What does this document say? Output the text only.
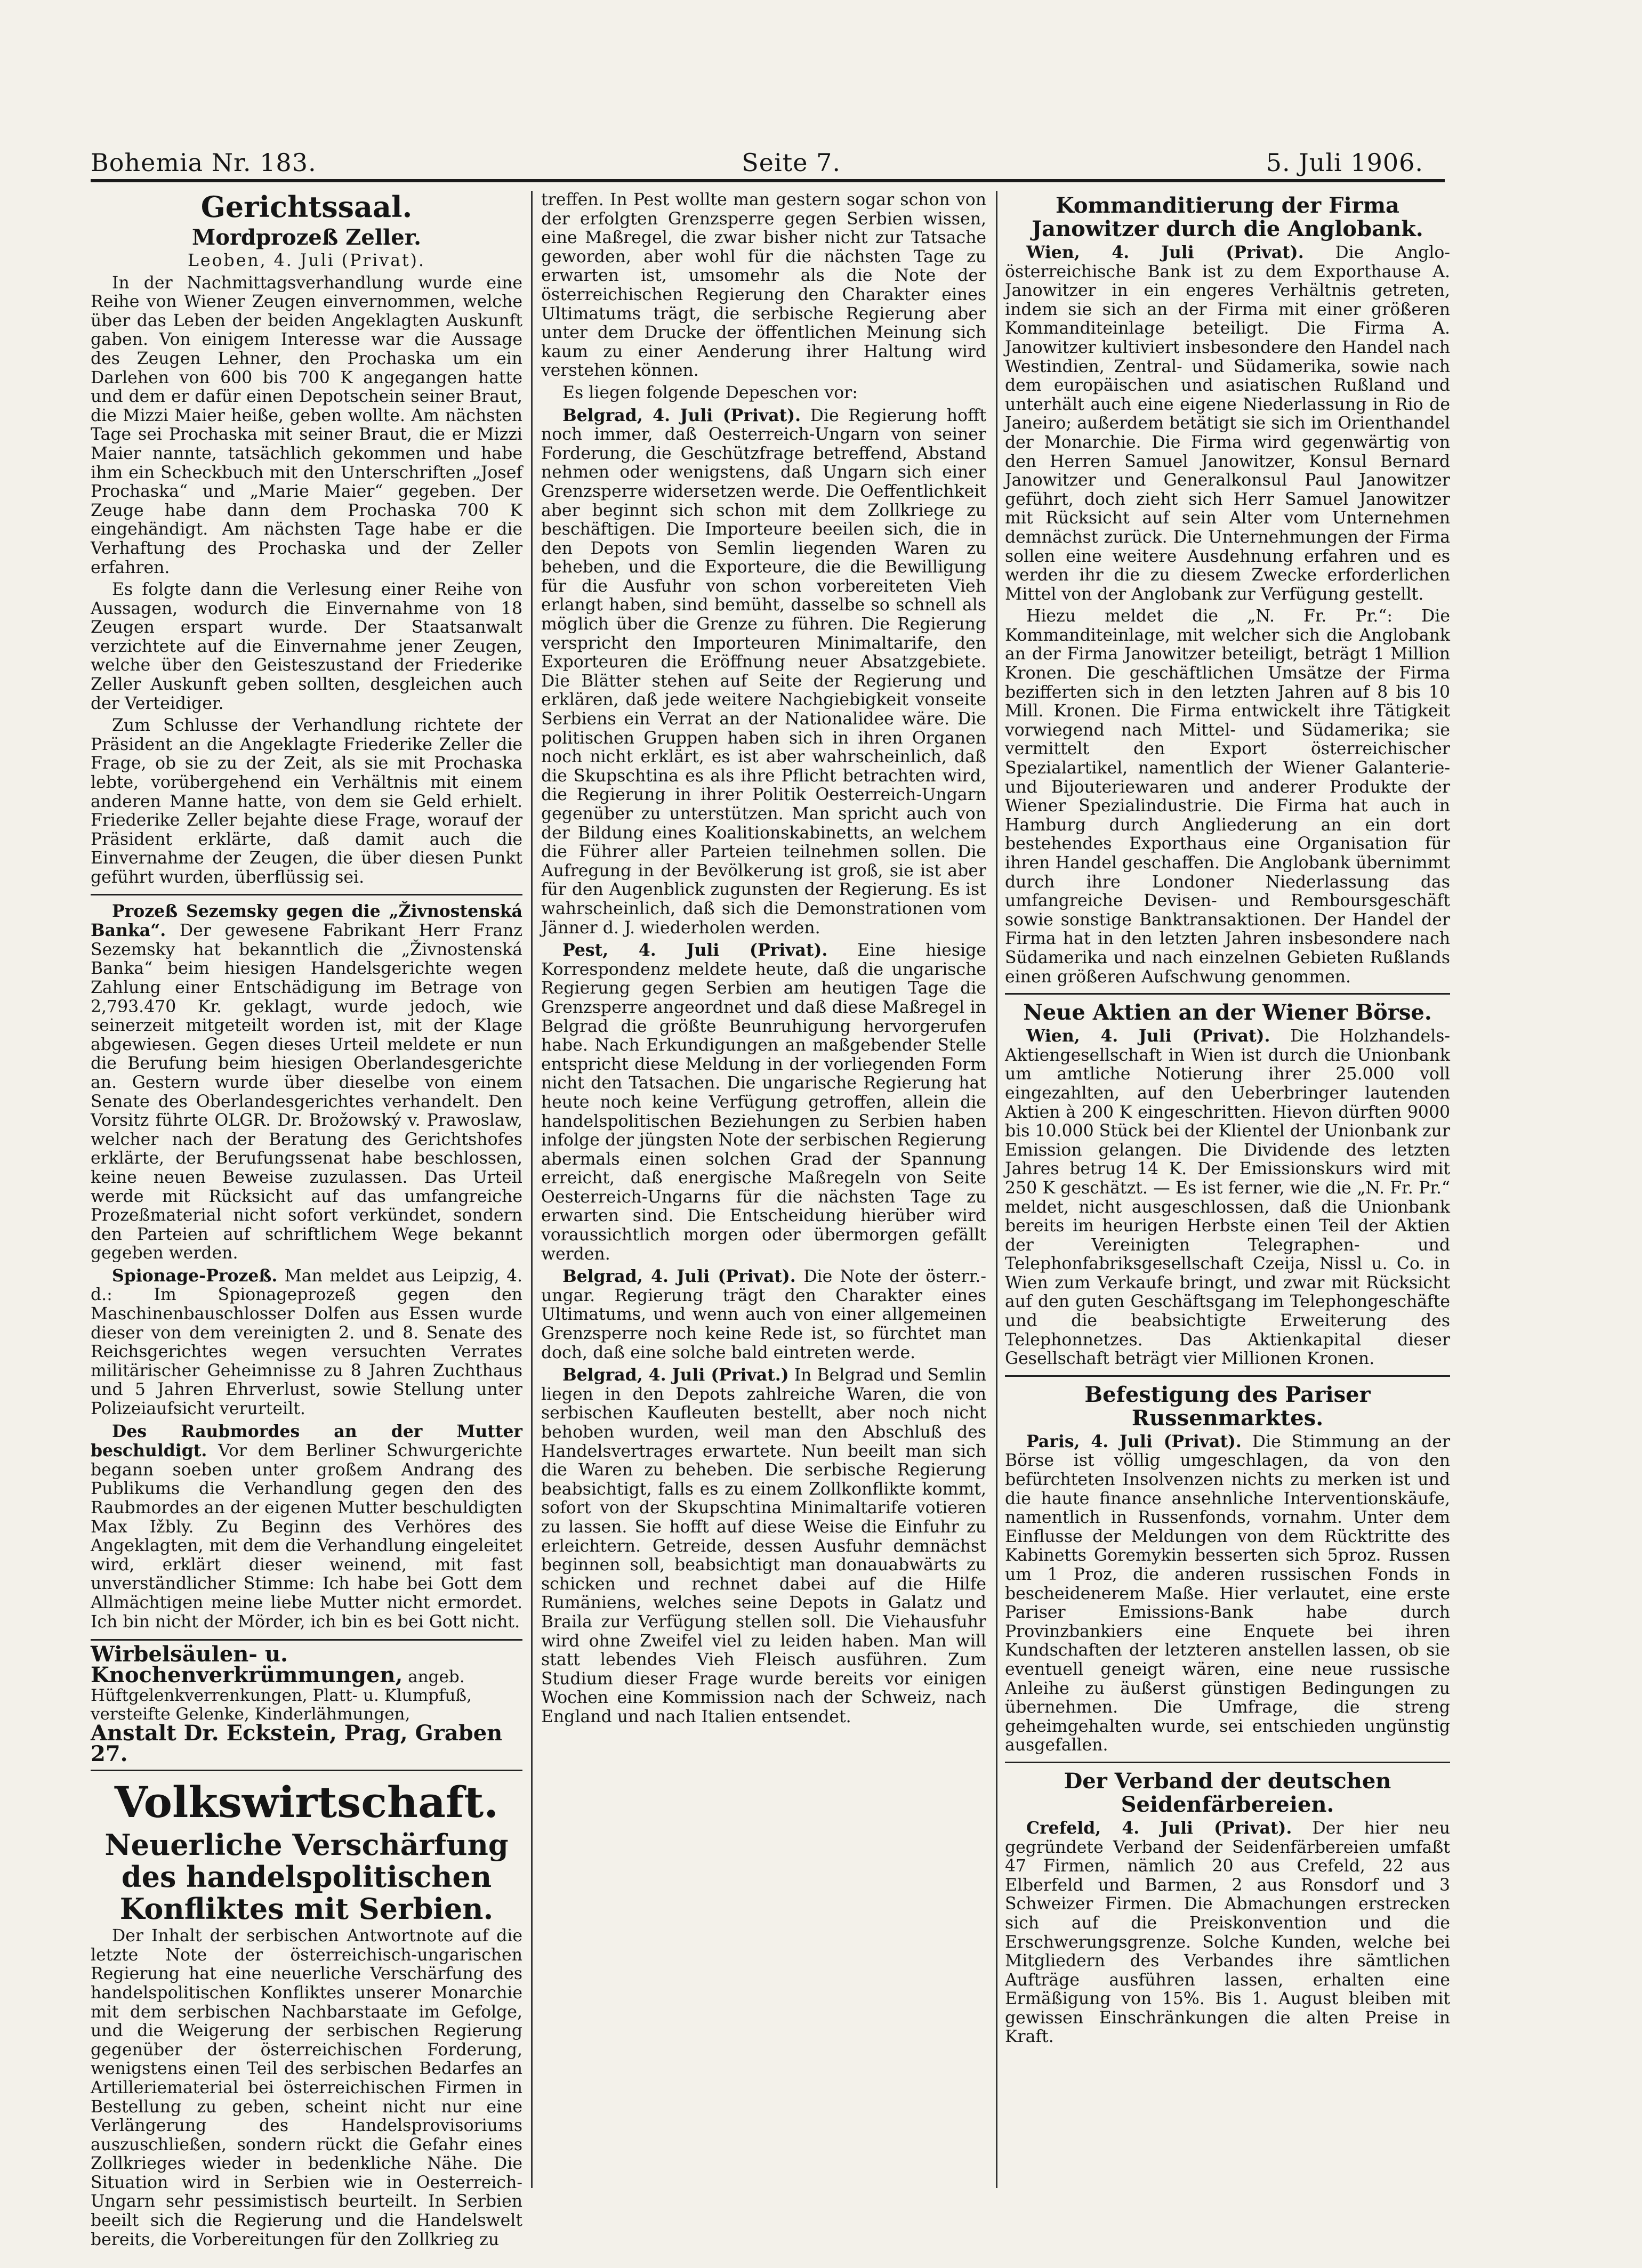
Bohemia Nr. 183.	Seite 7.	5. Juli 1906.
Gerichtssaal.
Mordprozeß Zeller.

Leoben, 4. Juli (Privat).

In der Nachmittagsverhandlung wurde eine Reihe von Wiener Zeugen einvernommen, welche über das Leben der beiden Angeklagten Auskunft gaben. Von einigem Interesse war die Aussage des Zeugen Lehner, den Prochaska um ein Darlehen von 600 bis 700 K angegangen hatte und dem er dafür einen Depotschein seiner Braut, die Mizzi Maier heiße, geben wollte. Am nächsten Tage sei Prochaska mit seiner Braut, die er Mizzi Maier nannte, tatsächlich gekommen und habe ihm ein Scheckbuch mit den Unterschriften „Josef Prochaska“ und „Marie Maier“ gegeben. Der Zeuge habe dann dem Prochaska 700 K eingehändigt. Am nächsten Tage habe er die Verhaftung des Prochaska und der Zeller erfahren.

Es folgte dann die Verlesung einer Reihe von Aussagen, wodurch die Einvernahme von 18 Zeugen erspart wurde. Der Staatsanwalt verzichtete auf die Einvernahme jener Zeugen, welche über den Geisteszustand der Friederike Zeller Auskunft geben sollten, desgleichen auch der Verteidiger.

Zum Schlusse der Verhandlung richtete der Präsident an die Angeklagte Friederike Zeller die Frage, ob sie zu der Zeit, als sie mit Prochaska lebte, vorübergehend ein Verhältnis mit einem anderen Manne hatte, von dem sie Geld erhielt. Friederike Zeller bejahte diese Frage, worauf der Präsident erklärte, daß damit auch die Einvernahme der Zeugen, die über diesen Punkt geführt wurden, überflüssig sei.

Prozeß Sezemsky gegen die „Živnostenská Banka“. Der gewesene Fabrikant Herr Franz Sezemsky hat bekanntlich die „Živnostenská Banka“ beim hiesigen Handelsgerichte wegen Zahlung einer Entschädigung im Betrage von 2,793.470 Kr. geklagt, wurde jedoch, wie seinerzeit mitgeteilt worden ist, mit der Klage abgewiesen. Gegen dieses Urteil meldete er nun die Berufung beim hiesigen Oberlandesgerichte an. Gestern wurde über dieselbe von einem Senate des Oberlandesgerichtes verhandelt. Den Vorsitz führte OLGR. Dr. Brožowský v. Prawoslaw, welcher nach der Beratung des Gerichtshofes erklärte, der Berufungssenat habe beschlossen, keine neuen Beweise zuzulassen. Das Urteil werde mit Rücksicht auf das umfangreiche Prozeßmaterial nicht sofort verkündet, sondern den Parteien auf schriftlichem Wege bekannt gegeben werden.

Spionage-Prozeß. Man meldet aus Leipzig, 4. d.: Im Spionageprozeß gegen den Maschinenbauschlosser Dolfen aus Essen wurde dieser von dem vereinigten 2. und 8. Senate des Reichsgerichtes wegen versuchten Verrates militärischer Geheimnisse zu 8 Jahren Zuchthaus und 5 Jahren Ehrverlust, sowie Stellung unter Polizeiaufsicht verurteilt.

Des Raubmordes an der Mutter beschuldigt. Vor dem Berliner Schwurgerichte begann soeben unter großem Andrang des Publikums die Verhandlung gegen den des Raubmordes an der eigenen Mutter beschuldigten Max Ižbly. Zu Beginn des Verhöres des Angeklagten, mit dem die Verhandlung eingeleitet wird, erklärt dieser weinend, mit fast unverständlicher Stimme: Ich habe bei Gott dem Allmächtigen meine liebe Mutter nicht ermordet. Ich bin nicht der Mörder, ich bin es bei Gott nicht.

Wirbelsäulen- u. Knochenverkrümmungen, angeb. Hüftgelenkverrenkungen, Platt- u. Klumpfuß, versteifte Gelenke, Kinderlähmungen,
Anstalt Dr. Eckstein, Prag, Graben 27.
Volkswirtschaft.
Neuerliche Verschärfung des handelspolitischen Konfliktes mit Serbien.

Der Inhalt der serbischen Antwortnote auf die letzte Note der österreichisch-ungarischen Regierung hat eine neuerliche Verschärfung des handelspolitischen Konfliktes unserer Monarchie mit dem serbischen Nachbarstaate im Gefolge, und die Weigerung der serbischen Regierung gegenüber der österreichischen Forderung, wenigstens einen Teil des serbischen Bedarfes an Artilleriematerial bei österreichischen Firmen in Bestellung zu geben, scheint nicht nur eine Verlängerung des Handelsprovisoriums auszuschließen, sondern rückt die Gefahr eines Zollkrieges wieder in bedenkliche Nähe. Die Situation wird in Serbien wie in Oesterreich-Ungarn sehr pessimistisch beurteilt. In Serbien beeilt sich die Regierung und die Handelswelt bereits, die Vorbereitungen für den Zollkrieg zu

treffen. In Pest wollte man gestern sogar schon von der erfolgten Grenzsperre gegen Serbien wissen, eine Maßregel, die zwar bisher nicht zur Tatsache geworden, aber wohl für die nächsten Tage zu erwarten ist, umsomehr als die Note der österreichischen Regierung den Charakter eines Ultimatums trägt, die serbische Regierung aber unter dem Drucke der öffentlichen Meinung sich kaum zu einer Aenderung ihrer Haltung wird verstehen können.

Es liegen folgende Depeschen vor:

Belgrad, 4. Juli (Privat). Die Regierung hofft noch immer, daß Oesterreich-Ungarn von seiner Forderung, die Geschützfrage betreffend, Abstand nehmen oder wenigstens, daß Ungarn sich einer Grenzsperre widersetzen werde. Die Oeffentlichkeit aber beginnt sich schon mit dem Zollkriege zu beschäftigen. Die Importeure beeilen sich, die in den Depots von Semlin liegenden Waren zu beheben, und die Exporteure, die die Bewilligung für die Ausfuhr von schon vorbereiteten Vieh erlangt haben, sind bemüht, dasselbe so schnell als möglich über die Grenze zu führen. Die Regierung verspricht den Importeuren Minimaltarife, den Exporteuren die Eröffnung neuer Absatzgebiete. Die Blätter stehen auf Seite der Regierung und erklären, daß jede weitere Nachgiebigkeit vonseite Serbiens ein Verrat an der Nationalidee wäre. Die politischen Gruppen haben sich in ihren Organen noch nicht erklärt, es ist aber wahrscheinlich, daß die Skupschtina es als ihre Pflicht betrachten wird, die Regierung in ihrer Politik Oesterreich-Ungarn gegenüber zu unterstützen. Man spricht auch von der Bildung eines Koalitionskabinetts, an welchem die Führer aller Parteien teilnehmen sollen. Die Aufregung in der Bevölkerung ist groß, sie ist aber für den Augenblick zugunsten der Regierung. Es ist wahrscheinlich, daß sich die Demonstrationen vom Jänner d. J. wiederholen werden.

Pest, 4. Juli (Privat). Eine hiesige Korrespondenz meldete heute, daß die ungarische Regierung gegen Serbien am heutigen Tage die Grenzsperre angeordnet und daß diese Maßregel in Belgrad die größte Beunruhigung hervorgerufen habe. Nach Erkundigungen an maßgebender Stelle entspricht diese Meldung in der vorliegenden Form nicht den Tatsachen. Die ungarische Regierung hat heute noch keine Verfügung getroffen, allein die handelspolitischen Beziehungen zu Serbien haben infolge der jüngsten Note der serbischen Regierung abermals einen solchen Grad der Spannung erreicht, daß energische Maßregeln von Seite Oesterreich-Ungarns für die nächsten Tage zu erwarten sind. Die Entscheidung hierüber wird voraussichtlich morgen oder übermorgen gefällt werden.

Belgrad, 4. Juli (Privat). Die Note der österr.-ungar. Regierung trägt den Charakter eines Ultimatums, und wenn auch von einer allgemeinen Grenzsperre noch keine Rede ist, so fürchtet man doch, daß eine solche bald eintreten werde.

Belgrad, 4. Juli (Privat.) In Belgrad und Semlin liegen in den Depots zahlreiche Waren, die von serbischen Kaufleuten bestellt, aber noch nicht behoben wurden, weil man den Abschluß des Handelsvertrages erwartete. Nun beeilt man sich die Waren zu beheben. Die serbische Regierung beabsichtigt, falls es zu einem Zollkonflikte kommt, sofort von der Skupschtina Minimaltarife votieren zu lassen. Sie hofft auf diese Weise die Einfuhr zu erleichtern. Getreide, dessen Ausfuhr demnächst beginnen soll, beabsichtigt man donauabwärts zu schicken und rechnet dabei auf die Hilfe Rumäniens, welches seine Depots in Galatz und Braila zur Verfügung stellen soll. Die Viehausfuhr wird ohne Zweifel viel zu leiden haben. Man will statt lebendes Vieh Fleisch ausführen. Zum Studium dieser Frage wurde bereits vor einigen Wochen eine Kommission nach der Schweiz, nach England und nach Italien entsendet.

Kommanditierung der Firma Janowitzer durch die Anglobank.

Wien, 4. Juli (Privat). Die Anglo-österreichische Bank ist zu dem Exporthause A. Janowitzer in ein engeres Verhältnis getreten, indem sie sich an der Firma mit einer größeren Kommanditeinlage beteiligt. Die Firma A. Janowitzer kultiviert insbesondere den Handel nach Westindien, Zentral- und Südamerika, sowie nach dem europäischen und asiatischen Rußland und unterhält auch eine eigene Niederlassung in Rio de Janeiro; außerdem betätigt sie sich im Orienthandel der Monarchie. Die Firma wird gegenwärtig von den Herren Samuel Janowitzer, Konsul Bernard Janowitzer und Generalkonsul Paul Janowitzer geführt, doch zieht sich Herr Samuel Janowitzer mit Rücksicht auf sein Alter vom Unternehmen demnächst zurück. Die Unternehmungen der Firma sollen eine weitere Ausdehnung erfahren und es werden ihr die zu diesem Zwecke erforderlichen Mittel von der Anglobank zur Verfügung gestellt.

Hiezu meldet die „N. Fr. Pr.“: Die Kommanditeinlage, mit welcher sich die Anglobank an der Firma Janowitzer beteiligt, beträgt 1 Million Kronen. Die geschäftlichen Umsätze der Firma bezifferten sich in den letzten Jahren auf 8 bis 10 Mill. Kronen. Die Firma entwickelt ihre Tätigkeit vorwiegend nach Mittel- und Südamerika; sie vermittelt den Export österreichischer Spezialartikel, namentlich der Wiener Galanterie- und Bijouteriewaren und anderer Produkte der Wiener Spezialindustrie. Die Firma hat auch in Hamburg durch Angliederung an ein dort bestehendes Exporthaus eine Organisation für ihren Handel geschaffen. Die Anglobank übernimmt durch ihre Londoner Niederlassung das umfangreiche Devisen- und Remboursgeschäft sowie sonstige Banktransaktionen. Der Handel der Firma hat in den letzten Jahren insbesondere nach Südamerika und nach einzelnen Gebieten Rußlands einen größeren Aufschwung genommen.

Neue Aktien an der Wiener Börse.

Wien, 4. Juli (Privat). Die Holzhandels-Aktiengesellschaft in Wien ist durch die Unionbank um amtliche Notierung ihrer 25.000 voll eingezahlten, auf den Ueberbringer lautenden Aktien à 200 K eingeschritten. Hievon dürften 9000 bis 10.000 Stück bei der Klientel der Unionbank zur Emission gelangen. Die Dividende des letzten Jahres betrug 14 K. Der Emissionskurs wird mit 250 K geschätzt. — Es ist ferner, wie die „N. Fr. Pr.“ meldet, nicht ausgeschlossen, daß die Unionbank bereits im heurigen Herbste einen Teil der Aktien der Vereinigten Telegraphen- und Telephonfabriksgesellschaft Czeija, Nissl u. Co. in Wien zum Verkaufe bringt, und zwar mit Rücksicht auf den guten Geschäftsgang im Telephongeschäfte und die beabsichtigte Erweiterung des Telephonnetzes. Das Aktienkapital dieser Gesellschaft beträgt vier Millionen Kronen.

Befestigung des Pariser Russenmarktes.

Paris, 4. Juli (Privat). Die Stimmung an der Börse ist völlig umgeschlagen, da von den befürchteten Insolvenzen nichts zu merken ist und die haute finance ansehnliche Interventionskäufe, namentlich in Russenfonds, vornahm. Unter dem Einflusse der Meldungen von dem Rücktritte des Kabinetts Goremykin besserten sich 5proz. Russen um 1 Proz, die anderen russischen Fonds in bescheidenerem Maße. Hier verlautet, eine erste Pariser Emissions-Bank habe durch Provinzbankiers eine Enquete bei ihren Kundschaften der letzteren anstellen lassen, ob sie eventuell geneigt wären, eine neue russische Anleihe zu äußerst günstigen Bedingungen zu übernehmen. Die Umfrage, die streng geheimgehalten wurde, sei entschieden ungünstig ausgefallen.

Der Verband der deutschen Seidenfärbereien.

Crefeld, 4. Juli (Privat). Der hier neu gegründete Verband der Seidenfärbereien umfaßt 47 Firmen, nämlich 20 aus Crefeld, 22 aus Elberfeld und Barmen, 2 aus Ronsdorf und 3 Schweizer Firmen. Die Abmachungen erstrecken sich auf die Preiskonvention und die Erschwerungsgrenze. Solche Kunden, welche bei Mitgliedern des Verbandes ihre sämtlichen Aufträge ausführen lassen, erhalten eine Ermäßigung von 15%. Bis 1. August bleiben mit gewissen Einschränkungen die alten Preise in Kraft.
